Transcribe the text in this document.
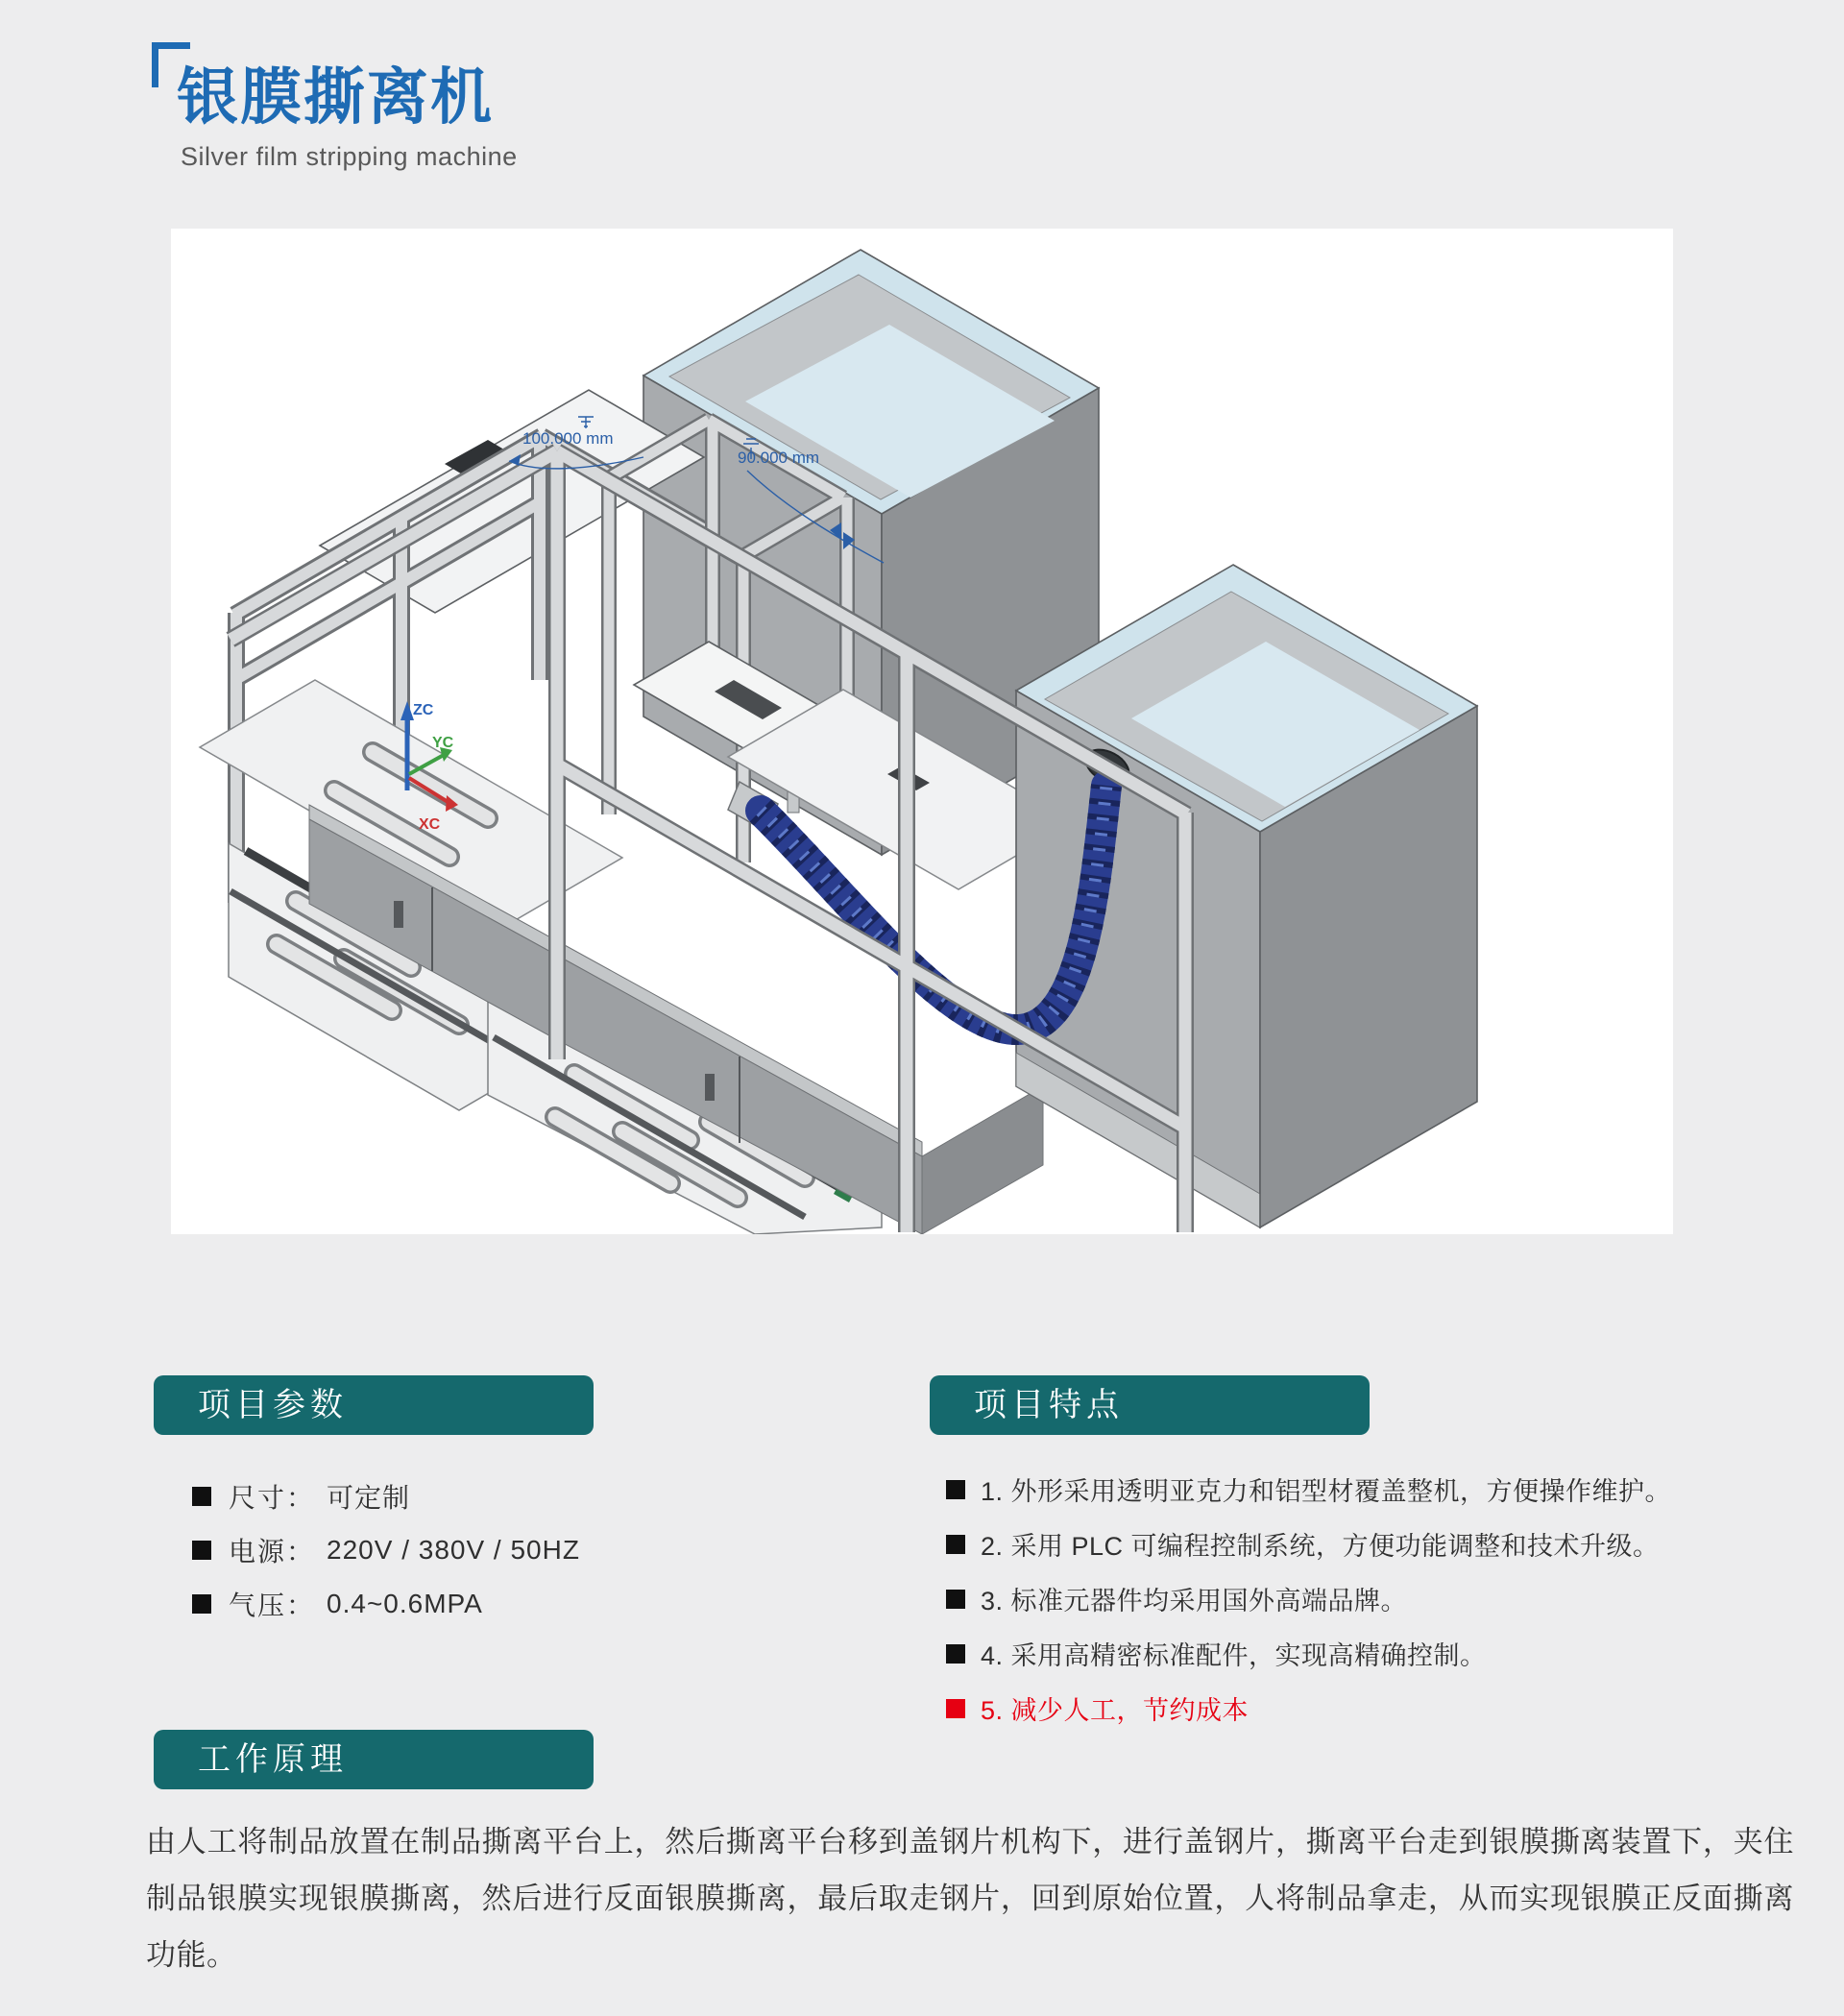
银膜撕离机
Silver film stripping machine
100.000 mm
90.000 mm
ZC
YC
XC
项目参数
尺寸： 可定制
电源： 220V / 380V / 50HZ
气压： 0.4~0.6MPA
项目特点
1. 外形采用透明亚克力和铝型材覆盖整机，方便操作维护。
2. 采用 PLC 可编程控制系统，方便功能调整和技术升级。
3. 标准元器件均采用国外高端品牌。
4. 采用高精密标准配件，实现高精确控制。
5. 减少人工，节约成本
工作原理
由人工将制品放置在制品撕离平台上，然后撕离平台移到盖钢片机构下，进行盖钢片，撕离平台走到银膜撕离装置下，夹住制品银膜实现银膜撕离，然后进行反面银膜撕离，最后取走钢片，回到原始位置，人将制品拿走，从而实现银膜正反面撕离功能。
